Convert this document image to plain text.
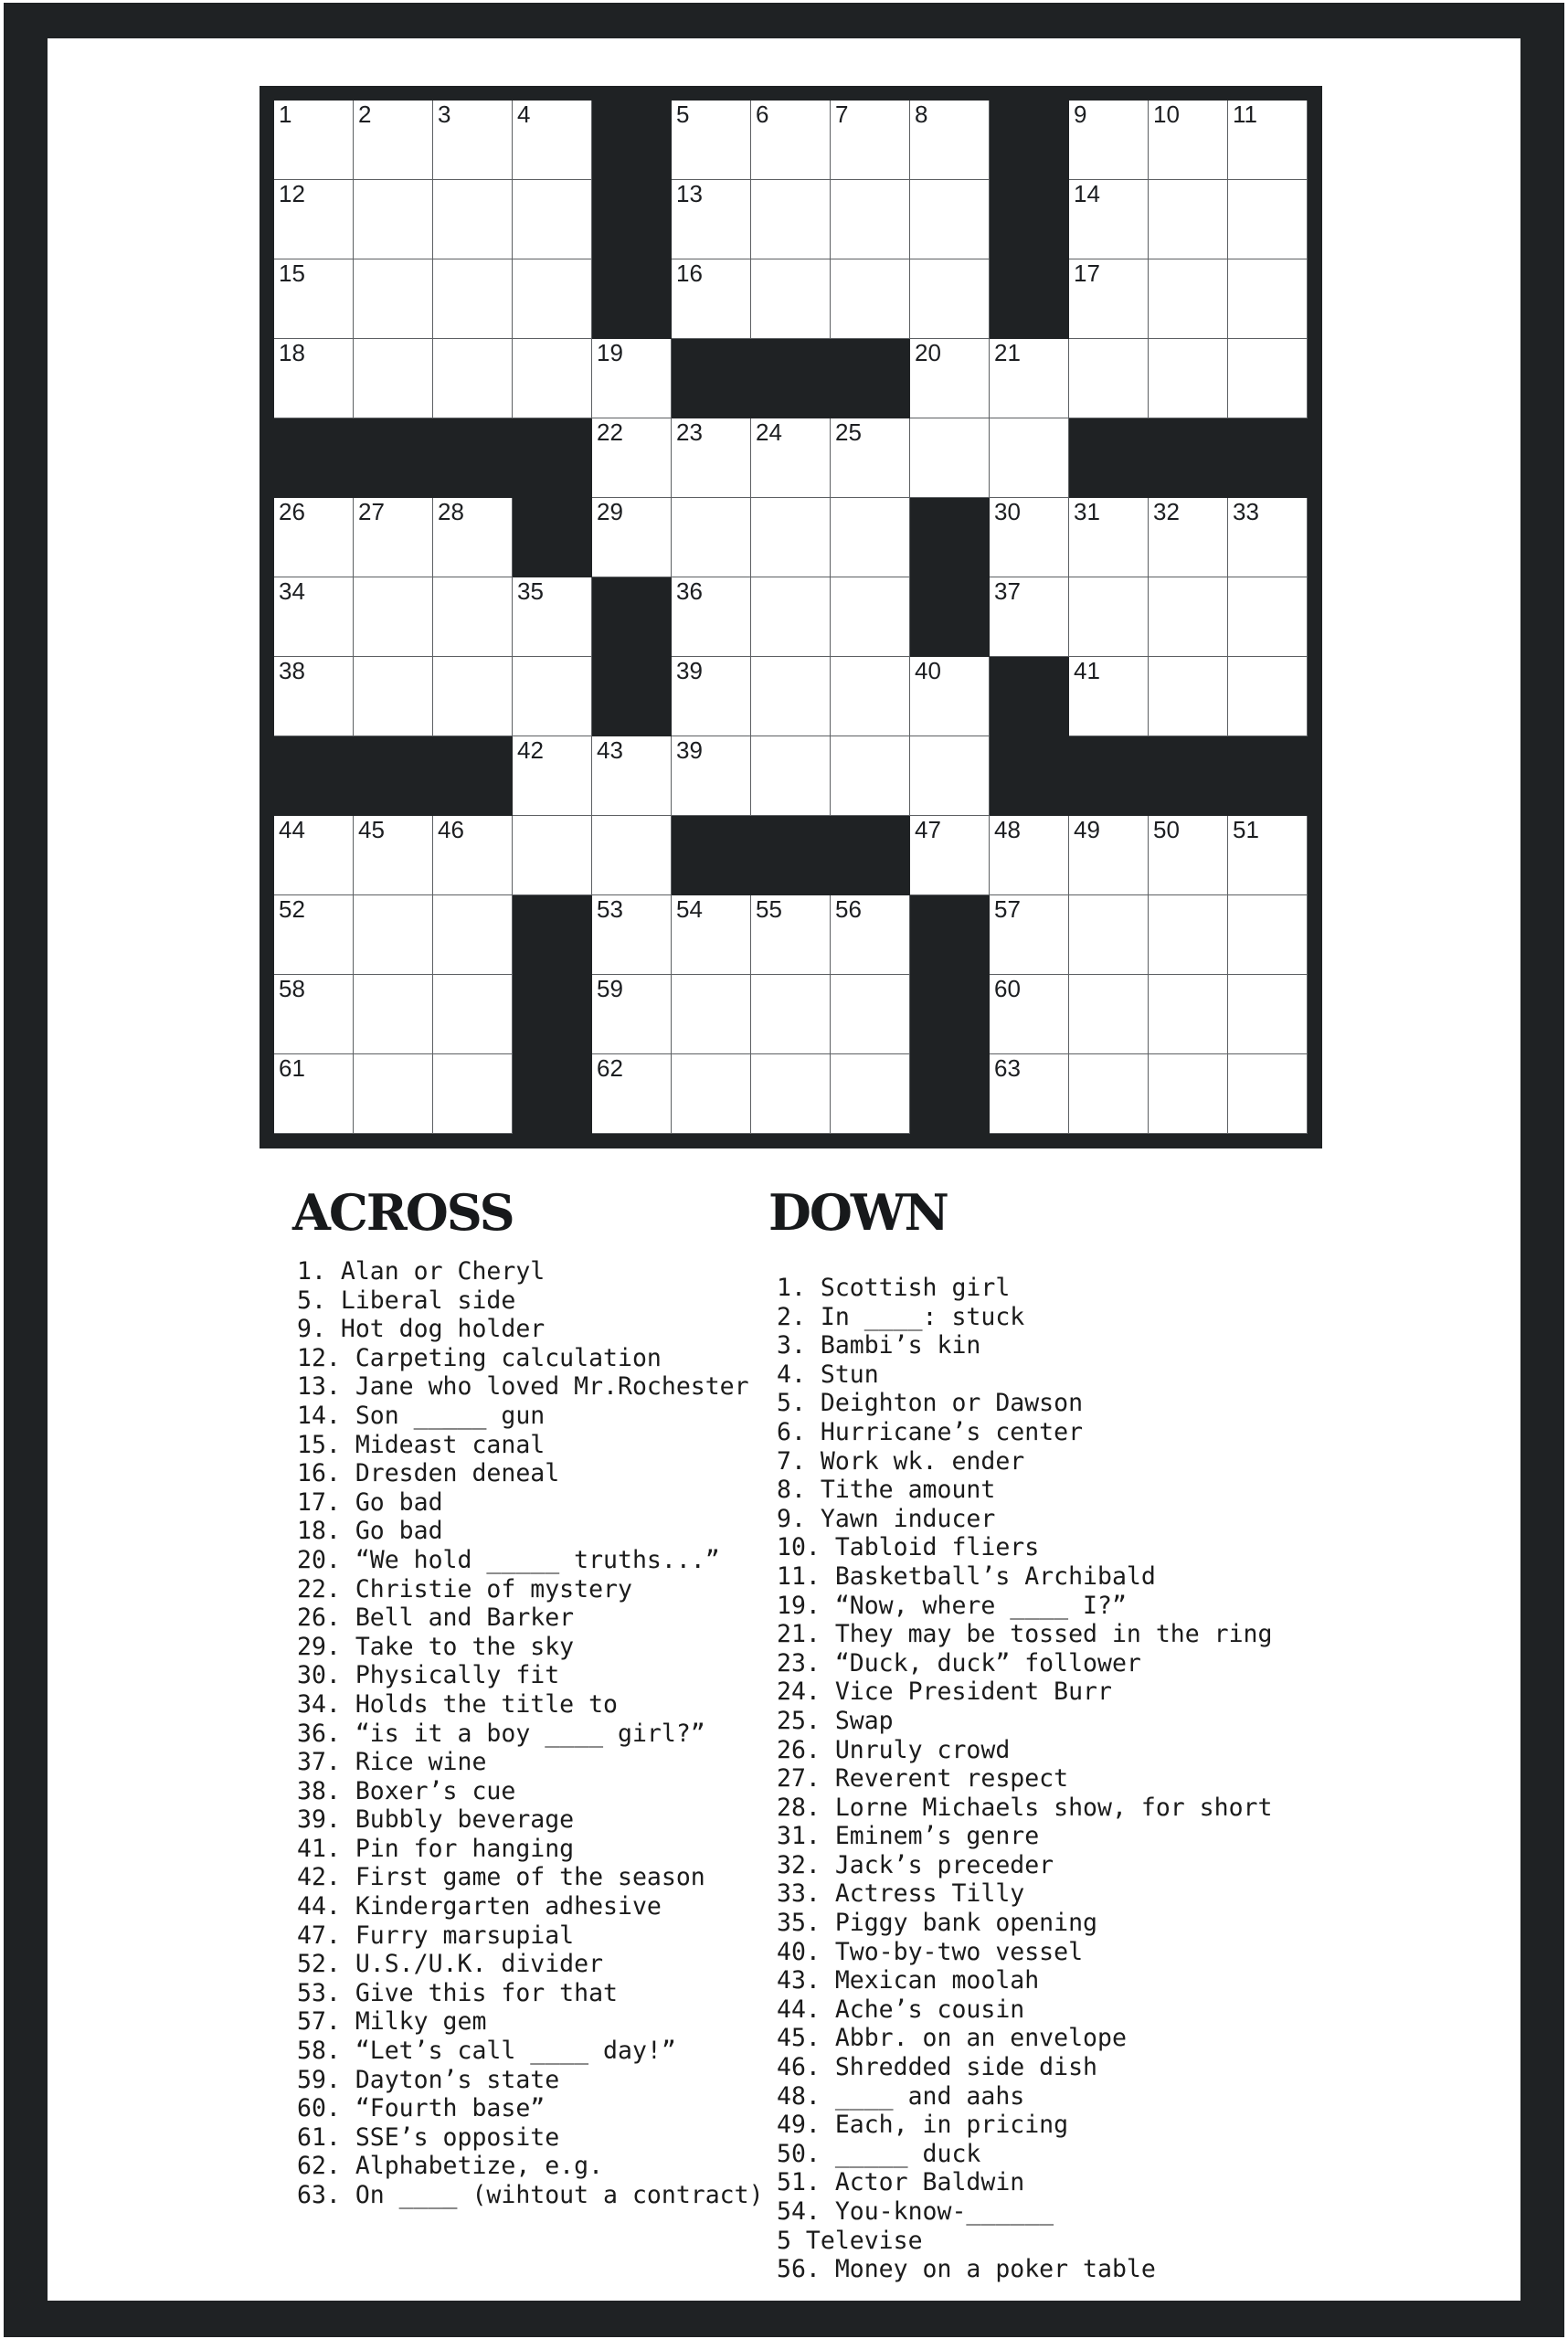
1	2	3	4	5	6	7	8	9	10 11
12	13	14
15	16	17
18	19	20 21
22 23 24 25
26 27 28	29	30 31 32 33
34	35	36	37
38	39	40	41
42 43 39
44 45 46	47 48 49 50 51
52	53 54 55 56	57
58	59	60
61	62	63
ACROSS	DOWN
1. Alan or Cheryl
5. Liberal side
9. Hot dog holder
12. Carpeting calculation
13. Jane who loved Mr.Rochester
14. Son _____ gun
15. Mideast canal
16. Dresden deneal
17. Go bad
18. Go bad
20. “We hold _____ truths...”
22. Christie of mystery
26. Bell and Barker
29. Take to the sky
30. Physically fit
34. Holds the title to
36. “is it a boy ____ girl?”
37. Rice wine
38. Boxer’s cue
39. Bubbly beverage
41. Pin for hanging
42. First game of the season
44. Kindergarten adhesive
47. Furry marsupial
52. U.S./U.K. divider
53. Give this for that
57. Milky gem
58. “Let’s call ____ day!”
59. Dayton’s state
60. “Fourth base”
61. SSE’s opposite
62. Alphabetize, e.g.
63. On ____ (wihtout a contract)
1. Scottish girl
2. In ____: stuck
3. Bambi’s kin
4. Stun
5. Deighton or Dawson
6. Hurricane’s center
7. Work wk. ender
8. Tithe amount
9. Yawn inducer
10. Tabloid fliers
11. Basketball’s Archibald
19. “Now, where ____ I?”
21. They may be tossed in the ring
23. “Duck, duck” follower
24. Vice President Burr
25. Swap
26. Unruly crowd
27. Reverent respect
28. Lorne Michaels show, for short
31. Eminem’s genre
32. Jack’s preceder
33. Actress Tilly
35. Piggy bank opening
40. Two-by-two vessel
43. Mexican moolah
44. Ache’s cousin
45. Abbr. on an envelope
46. Shredded side dish
48. ____ and aahs
49. Each, in pricing
50. _____ duck
51. Actor Baldwin
54. You-know-______
5 Televise
56. Money on a poker table
